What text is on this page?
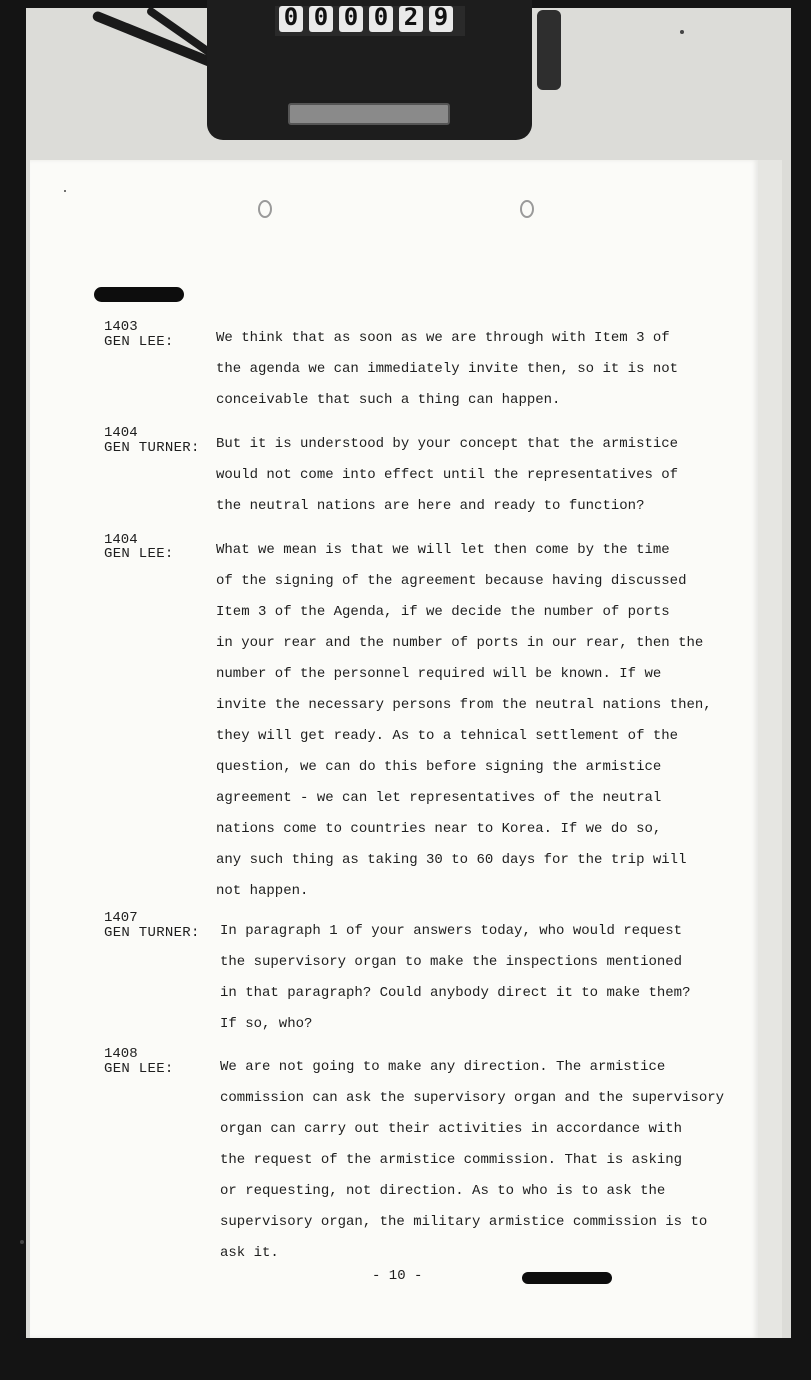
0 0 0 0 2 9
1403
GEN LEE:	We think that as soon as we are through with Item 3 of
the agenda we can immediately invite then, so it is not
conceivable that such a thing can happen.
1404
GEN TURNER: But it is understood by your concept that the armistice
would not come into effect until the representatives of
the neutral nations are here and ready to function?
1404
GEN LEE:	What we mean is that we will let then come by the time
of the signing of the agreement because having discussed
Item 3 of the Agenda, if we decide the number of ports
in your rear and the number of ports in our rear, then the
number of the personnel required will be known. If we
invite the necessary persons from the neutral nations then,
they will get ready. As to a tehnical settlement of the
question, we can do this before signing the armistice
agreement - we can let representatives of the neutral
nations come to countries near to Korea. If we do so,
any such thing as taking 30 to 60 days for the trip will
not happen.
1407
GEN TURNER: In paragraph 1 of your answers today, who would request
the supervisory organ to make the inspections mentioned
in that paragraph? Could anybody direct it to make them?
If so, who?
1408
GEN LEE:	We are not going to make any direction. The armistice
commission can ask the supervisory organ and the supervisory
organ can carry out their activities in accordance with
the request of the armistice commission. That is asking
or requesting, not direction. As to who is to ask the
supervisory organ, the military armistice commission is to
ask it.
- 10 -
